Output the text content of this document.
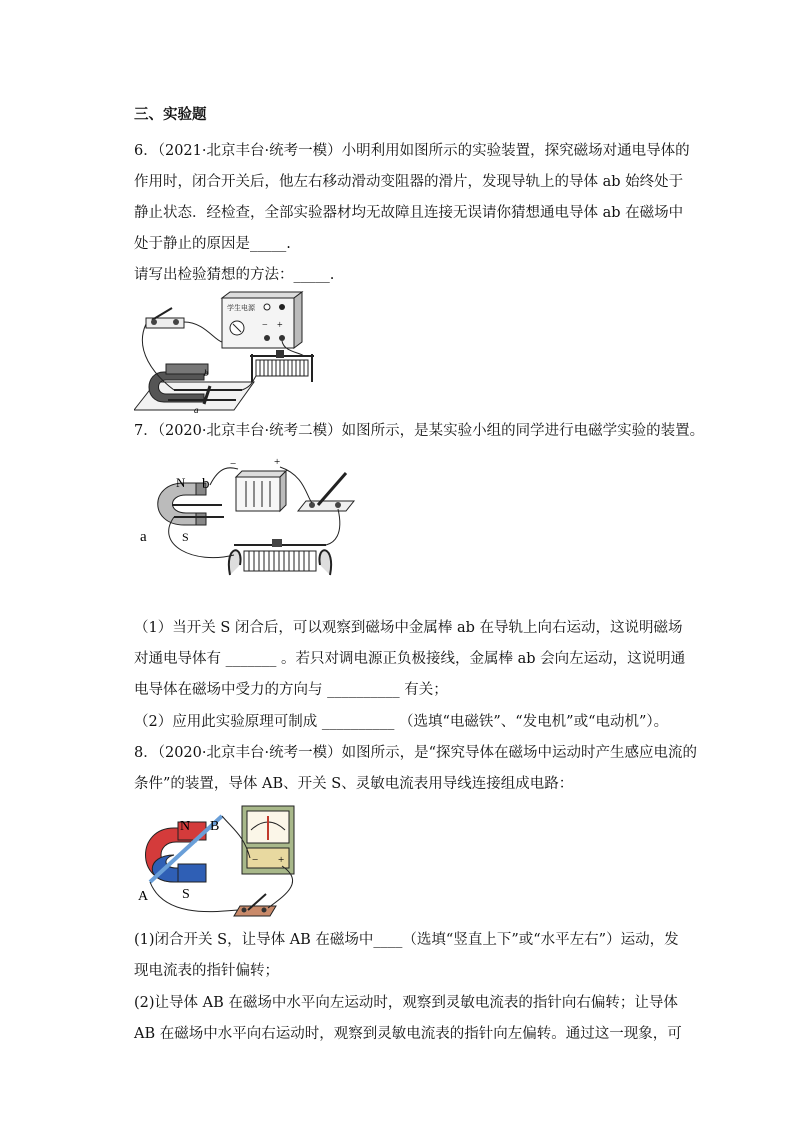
三、实验题
6．（2021·北京丰台·统考一模）小明利用如图所示的实验装置，探究磁场对通电导体的
作用时，闭合开关后，他左右移动滑动变阻器的滑片，发现导轨上的导体 ab 始终处于
静止状态．经检查，全部实验器材均无故障且连接无误请你猜想通电导体 ab 在磁场中
处于静止的原因是_____.
请写出检验猜想的方法：_____.
学生电源
− +
b
a
7．（2020·北京丰台·统考二模）如图所示，是某实验小组的同学进行电磁学实验的装置。
N b
a	S
−	+
（1）当开关 S 闭合后，可以观察到磁场中金属棒 ab 在导轨上向右运动，这说明磁场
对通电导体有 _______ 。若只对调电源正负极接线，金属棒 ab 会向左运动，这说明通
电导体在磁场中受力的方向与 __________ 有关；
（2）应用此实验原理可制成 __________ （选填“电磁铁”、“发电机”或“电动机”）。
8．（2020·北京丰台·统考一模）如图所示，是“探究导体在磁场中运动时产生感应电流的
条件”的装置，导体 AB、开关 S、灵敏电流表用导线连接组成电路：
N B
A S
− +
(1)闭合开关 S，让导体 AB 在磁场中____（选填“竖直上下”或“水平左右”）运动，发
现电流表的指针偏转；
(2)让导体 AB 在磁场中水平向左运动时，观察到灵敏电流表的指针向右偏转；让导体
AB 在磁场中水平向右运动时，观察到灵敏电流表的指针向左偏转。通过这一现象，可
